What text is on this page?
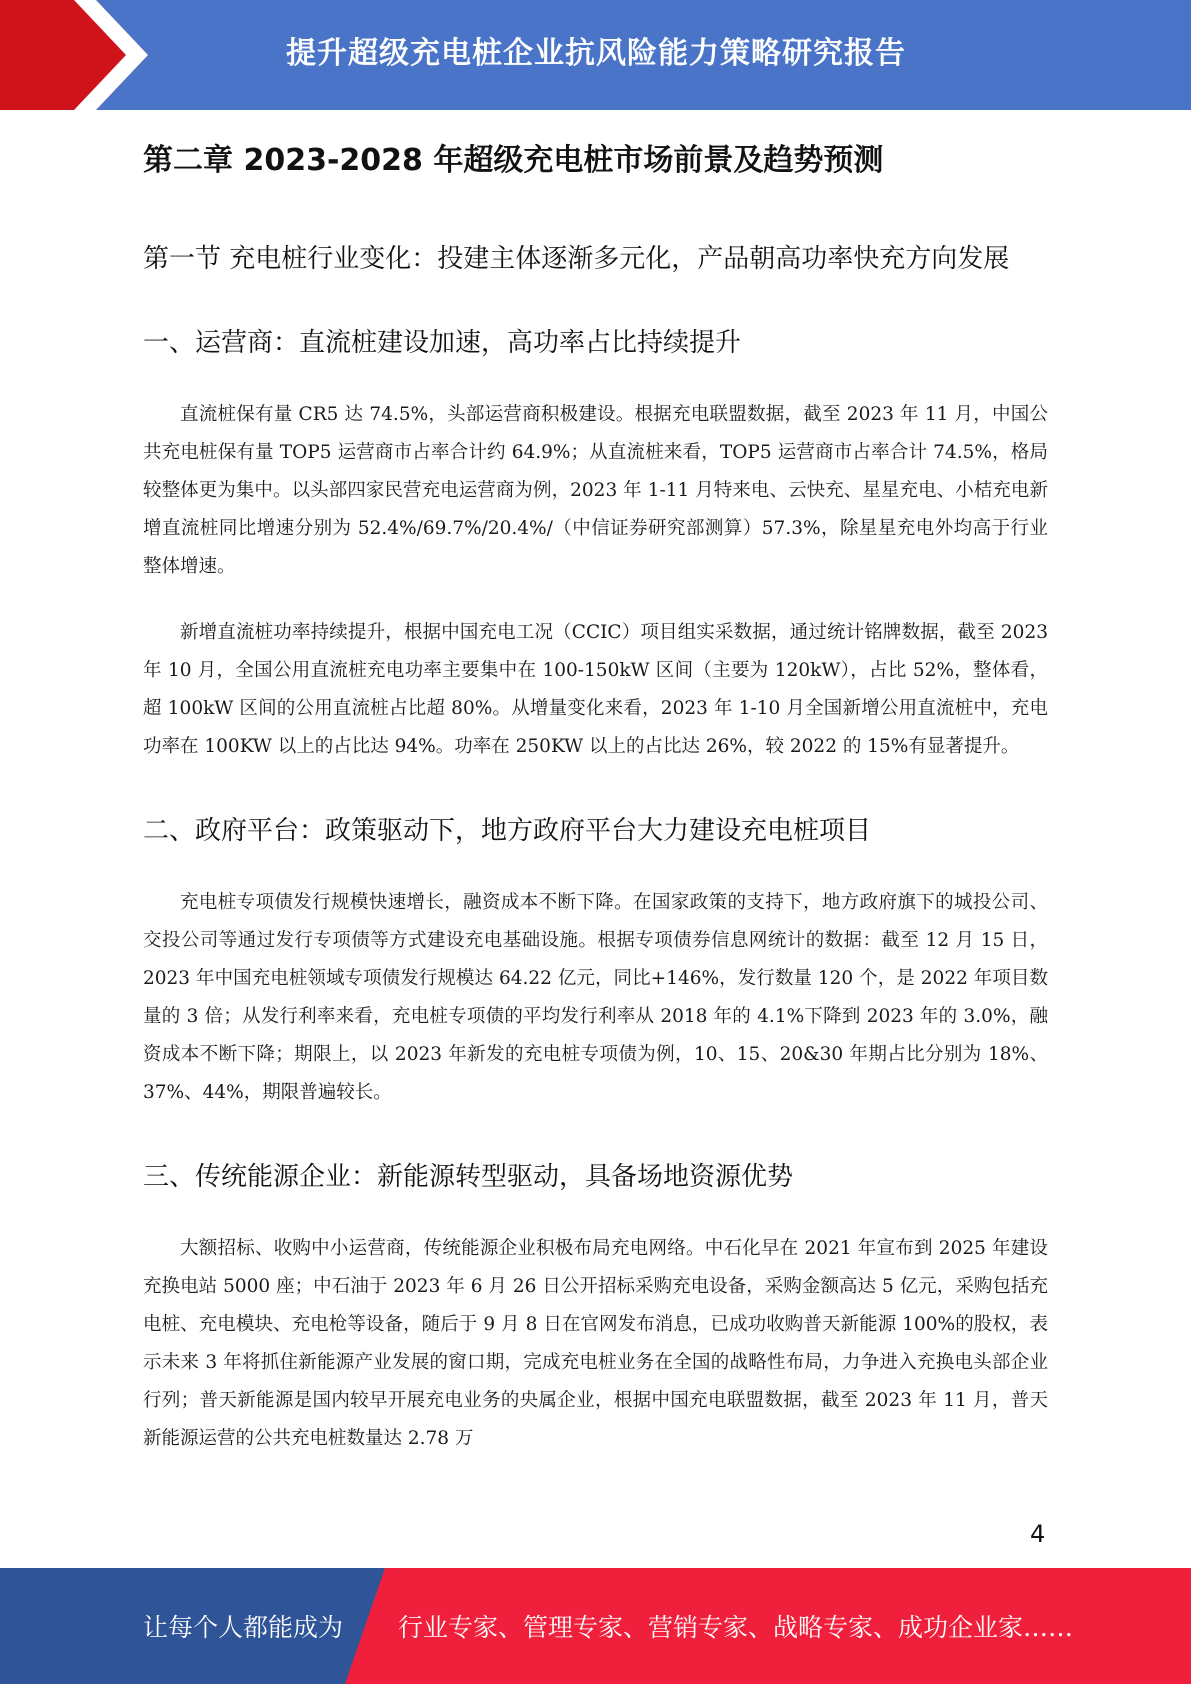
提升超级充电桩企业抗风险能力策略研究报告
第二章 2023-2028 年超级充电桩市场前景及趋势预测
第一节 充电桩行业变化：投建主体逐渐多元化，产品朝高功率快充方向发展
一、运营商：直流桩建设加速，高功率占比持续提升

直流桩保有量 CR5 达 74.5%，头部运营商积极建设。根据充电联盟数据，截至 2023 年 11 月，中国公共充电桩保有量 TOP5 运营商市占率合计约 64.9%；从直流桩来看，TOP5 运营商市占率合计 74.5%，格局较整体更为集中。以头部四家民营充电运营商为例，2023 年 1-11 月特来电、云快充、星星充电、小桔充电新增直流桩同比增速分别为 52.4%/69.7%/20.4%/（中信证券研究部测算）57.3%，除星星充电外均高于行业整体增速。

新增直流桩功率持续提升，根据中国充电工况（CCIC）项目组实采数据，通过统计铭牌数据，截至 2023 年 10 月，全国公用直流桩充电功率主要集中在 100-150kW 区间（主要为 120kW），占比 52%，整体看，超 100kW 区间的公用直流桩占比超 80%。从增量变化来看，2023 年 1-10 月全国新增公用直流桩中，充电功率在 100KW 以上的占比达 94%。功率在 250KW 以上的占比达 26%，较 2022 的 15%有显著提升。

二、政府平台：政策驱动下，地方政府平台大力建设充电桩项目

充电桩专项债发行规模快速增长，融资成本不断下降。在国家政策的支持下，地方政府旗下的城投公司、交投公司等通过发行专项债等方式建设充电基础设施。根据专项债券信息网统计的数据：截至 12 月 15 日，2023 年中国充电桩领域专项债发行规模达 64.22 亿元，同比+146%，发行数量 120 个，是 2022 年项目数量的 3 倍；从发行利率来看，充电桩专项债的平均发行利率从 2018 年的 4.1%下降到 2023 年的 3.0%，融资成本不断下降；期限上，以 2023 年新发的充电桩专项债为例，10、15、20&30 年期占比分别为 18%、37%、44%，期限普遍较长。

三、传统能源企业：新能源转型驱动，具备场地资源优势

大额招标、收购中小运营商，传统能源企业积极布局充电网络。中石化早在 2021 年宣布到 2025 年建设充换电站 5000 座；中石油于 2023 年 6 月 26 日公开招标采购充电设备，采购金额高达 5 亿元，采购包括充电桩、充电模块、充电枪等设备，随后于 9 月 8 日在官网发布消息，已成功收购普天新能源 100%的股权，表示未来 3 年将抓住新能源产业发展的窗口期，完成充电桩业务在全国的战略性布局，力争进入充换电头部企业行列；普天新能源是国内较早开展充电业务的央属企业，根据中国充电联盟数据，截至 2023 年 11 月，普天新能源运营的公共充电桩数量达 2.78 万

4
让每个人都能成为 行业专家、管理专家、营销专家、战略专家、成功企业家……
